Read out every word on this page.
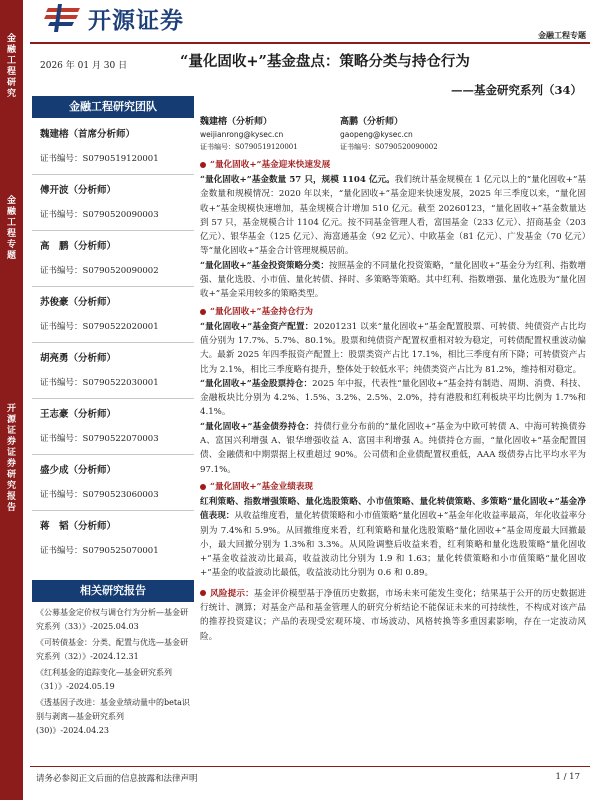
金融工程研究
金融工程专题
开源证券 证券研究报告
开源证券
金融工程专题
2026 年 01 月 30 日	“量化固收+”基金盘点：策略分类与持仓行为
——基金研究系列（34）
金融工程研究团队
魏建榕（首席分析师）
证书编号：S0790519120001
傅开波（分析师）
证书编号：S0790520090003
高　鹏（分析师）
证书编号：S0790520090002
苏俊豪（分析师）
证书编号：S0790522020001
胡亮勇（分析师）
证书编号：S0790522030001
王志豪（分析师）
证书编号：S0790522070003
盛少成（分析师）
证书编号：S0790523060003
蒋　韬（分析师）
证书编号：S0790525070001
相关研究报告
《公募基金定价权与调仓行为分析—基金研究系列（33）》-2025.04.03
《可转债基金：分类、配置与优选—基金研究系列（32）》-2024.12.31
《红利基金的追踪变化—基金研究系列（31）》-2024.05.19
《透基因子改进：基金业绩动量中的beta识别与剥离—基金研究系列(30)》-2024.04.23
魏建榕（分析师）
weijianrong@kysec.cn
证书编号：S0790519120001
高鹏（分析师）
gaopeng@kysec.cn
证书编号：S0790520090002
“量化固收+”基金迎来快速发展

“量化固收+”基金数量 57 只，规模 1104 亿元。我们统计基金规模在 1 亿元以上的“量化固收+”基金数量和规模情况：2020 年以来，“量化固收+”基金迎来快速发展，2025 年三季度以来，“量化固收+”基金规模快速增加，基金规模合计增加 510 亿元。截至 20260123，“量化固收+”基金数量达到 57 只，基金规模合计 1104 亿元。按不同基金管理人看，富国基金（233 亿元）、招商基金（203 亿元）、银华基金（125 亿元）、海富通基金（92 亿元）、中欧基金（81 亿元）、广发基金（70 亿元）等“量化固收+”基金合计管理规模居前。

“量化固收+”基金投资策略分类：按照基金的不同量化投资策略，“量化固收+”基金分为红利、指数增强、量化选股、小市值、量化转债、择时、多策略等策略。其中红利、指数增强、量化选股为“量化固收+”基金采用较多的策略类型。

“量化固收+”基金持仓行为

“量化固收+”基金资产配置：20201231 以来“量化固收+”基金配置股票、可转债、纯债资产占比均值分别为 17.7%、5.7%、80.1%。股票和纯债资产配置权重相对较为稳定，可转债配置权重波动偏大。最新 2025 年四季报资产配置上：股票类资产占比 17.1%，相比三季度有所下降；可转债资产占比为 2.1%，相比三季度略有提升，整体处于较低水平；纯债类资产占比为 81.2%，维持相对稳定。

“量化固收+”基金股票持仓：2025 年中报，代表性“量化固收+”基金持有制造、周期、消费、科技、金融板块比分别为 4.2%、1.5%、3.2%、2.5%、2.0%，持有港股和红利板块平均比例为 1.7%和 4.1%。

“量化固收+”基金债券持仓：持债行业分布前的“量化固收+”基金为中欧可转债 A、中海可转换债券 A、富国兴利增强 A、银华增强收益 A、富国丰利增强 A。纯债持仓方面，“量化固收+”基金配置国债、金融债和中期票据上权重超过 90%。公司债和企业债配置权重低，AAA 级债券占比平均水平为 97.1%。

“量化固收+”基金业绩表现

红利策略、指数增强策略、量化选股策略、小市值策略、量化转债策略、多策略“量化固收+”基金净值表现：从收益维度看，量化转债策略和小市值策略“量化固收+”基金年化收益率最高，年化收益率分别为 7.4%和 5.9%。从回撤维度来看，红利策略和量化选股策略“量化固收+”基金周度最大回撤最小，最大回撤分别为 1.3%和 3.3%。从风险调整后收益来看，红利策略和量化选股策略“量化固收+”基金收益波动比最高，收益波动比分别为 1.9 和 1.63；量化转债策略和小市值策略“量化固收+”基金的收益波动比最低，收益波动比分别为 0.6 和 0.89。

风险提示：基金评价模型基于净值历史数据，市场未来可能发生变化；结果基于公开的历史数据进行统计、测算；对基金产品和基金管理人的研究分析结论不能保证未来的可持续性，不构成对该产品的推荐投资建议；产品的表现受宏观环境、市场波动、风格转换等多重因素影响，存在一定波动风险。

请务必参阅正文后面的信息披露和法律声明	1 / 17
